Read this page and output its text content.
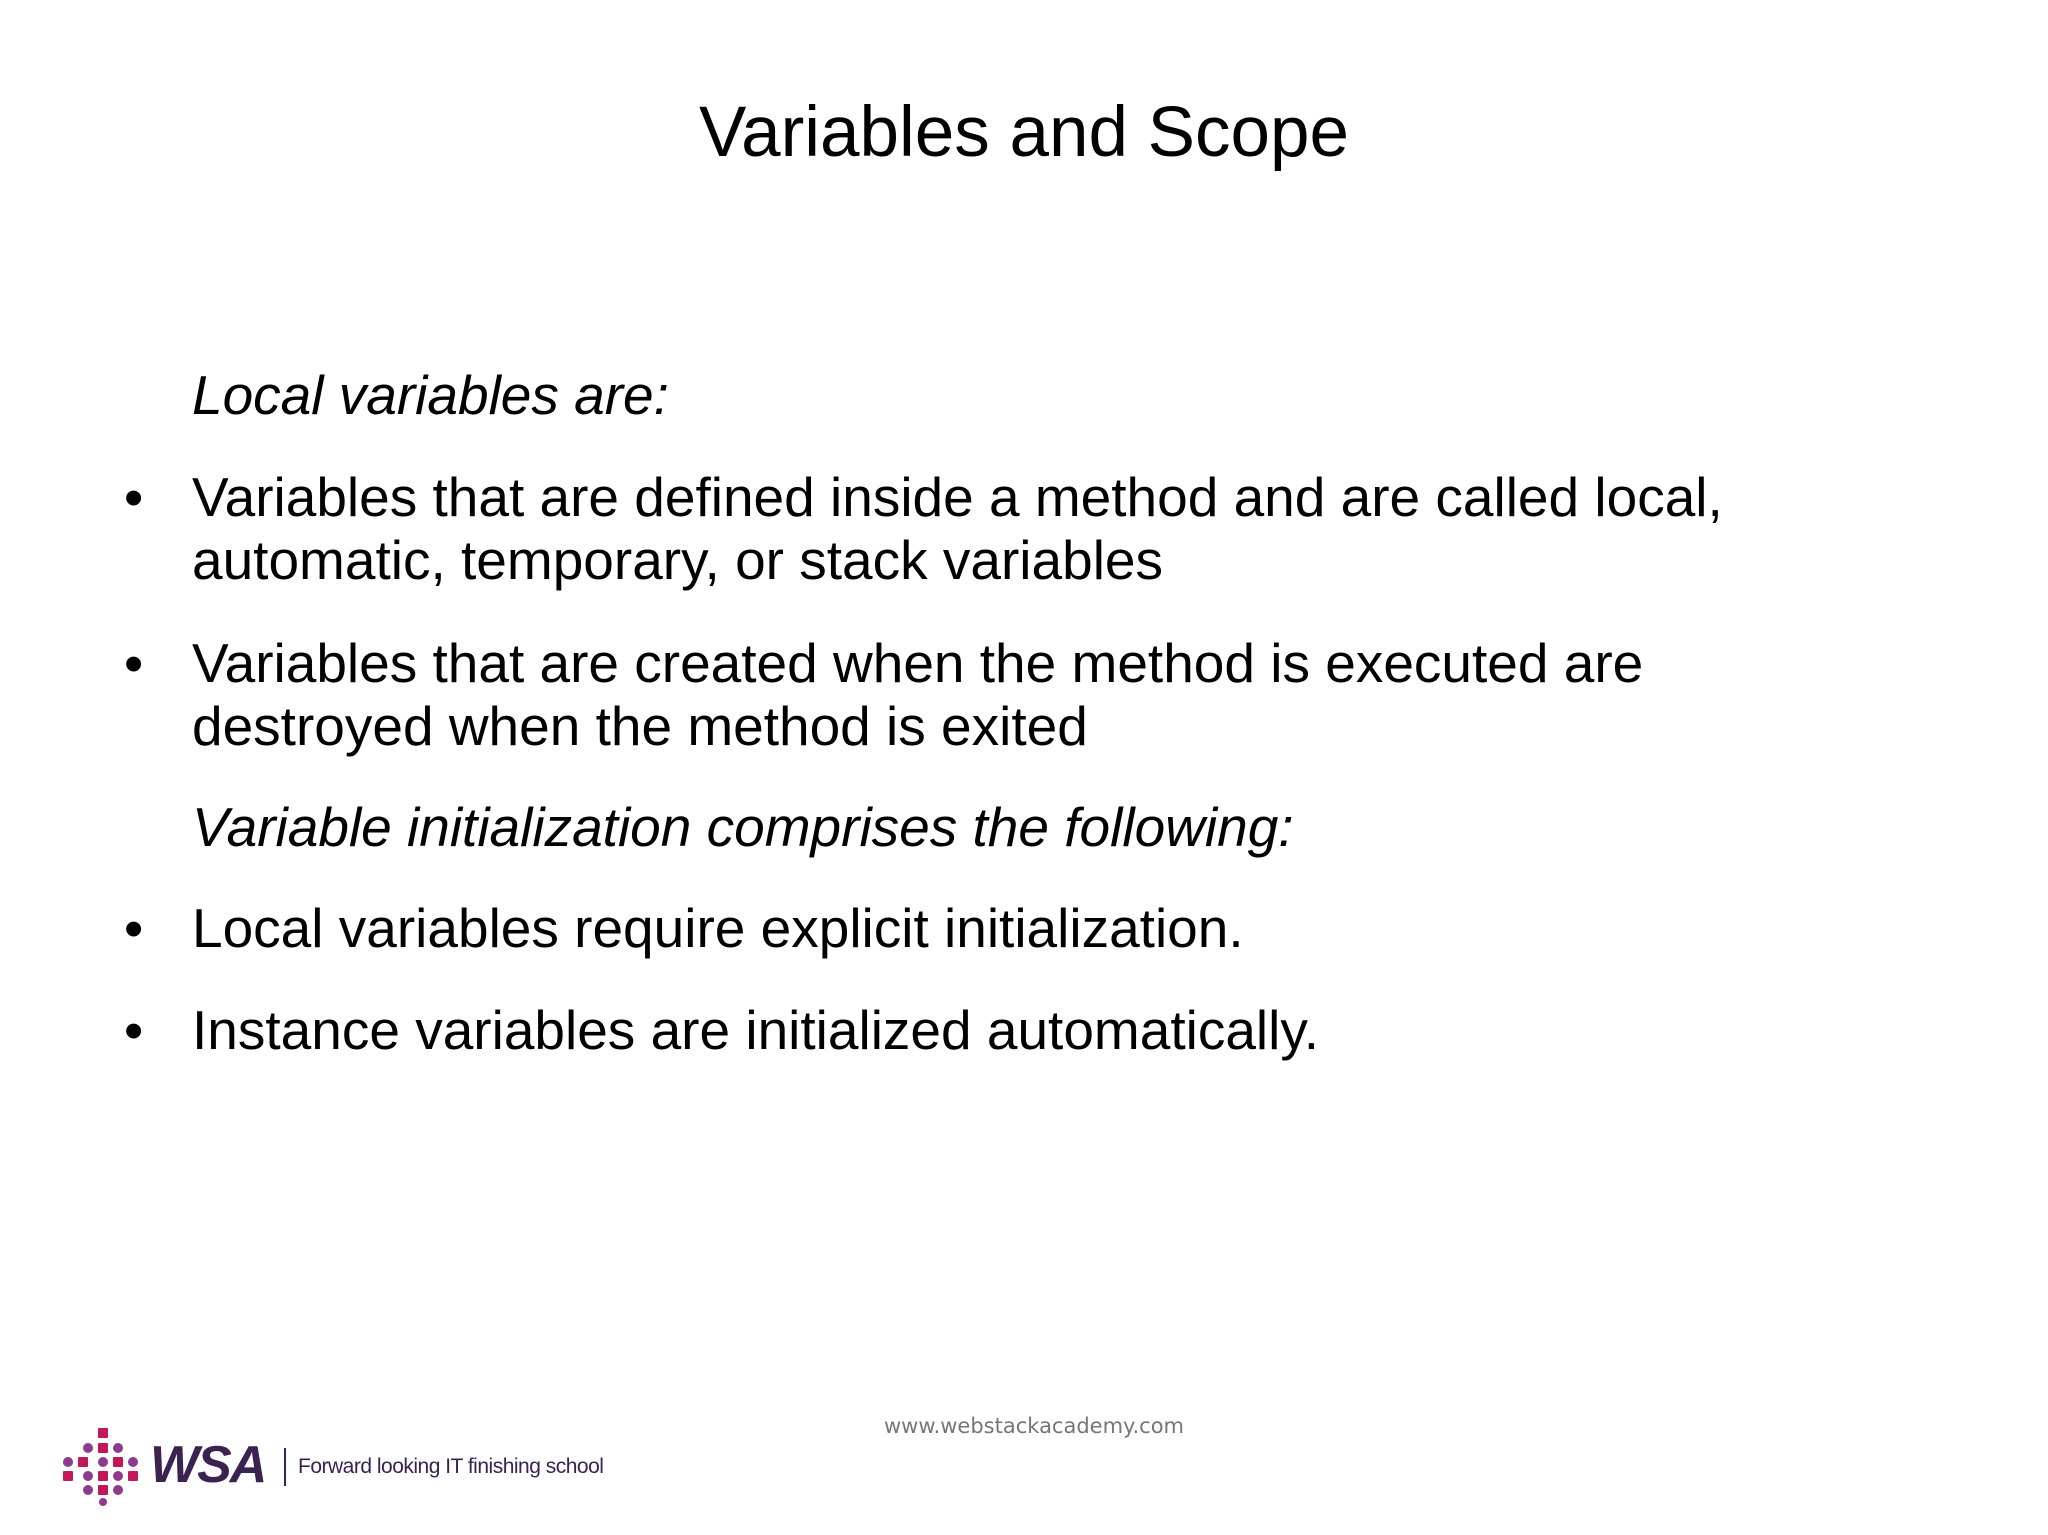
Variables and Scope
Local variables are:
• Variables that are defined inside a method and are called local, automatic, temporary, or stack variables
• Variables that are created when the method is executed are destroyed when the method is exited
Variable initialization comprises the following:
• Local variables require explicit initialization.
• Instance variables are initialized automatically.
www.webstackacademy.com
WSA Forward looking IT finishing school
